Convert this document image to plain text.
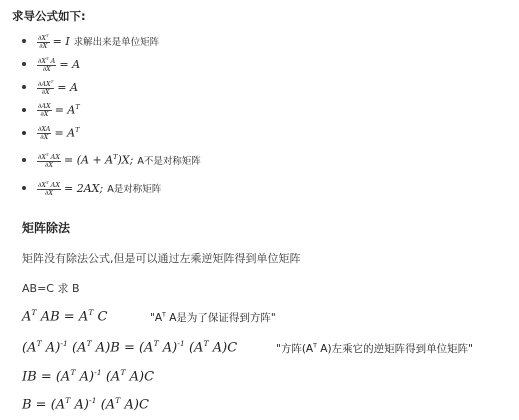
求导公式如下:
$\frac{\partial X^T}{\partial X} = I$ 求解出来是单位矩阵
$\frac{\partial X^T A}{\partial X} = A$
$\frac{\partial AX^T}{\partial X} = A$
$\frac{\partial AX}{\partial X} = A^T$
$\frac{\partial XA}{\partial X} = A^T$
$\frac{\partial X^T AX}{\partial X} = (A + A^T)X$; A不是对称矩阵
$\frac{\partial X^T AX}{\partial X} = 2AX$; A是对称矩阵
矩阵除法
矩阵没有除法公式,但是可以通过左乘逆矩阵得到单位矩阵
AB=C 求 B
$A^T$ AB = $A^T$ C	"$A^T$ A是为了保证得到方阵"
($A^T$ A)$^{-1}$ ($A^T$ $A)B = (A^T$ A)$^{-1}$ ($A^T$ A)C	"方阵($A^T$ A)左乘它的逆矩阵得到单位矩阵"
IB = ($A^T$ A)$^{-1}$ ($A^T$ A)C
$B = (A^T$ A)$^{-1}$ ($A^T$ A)C
